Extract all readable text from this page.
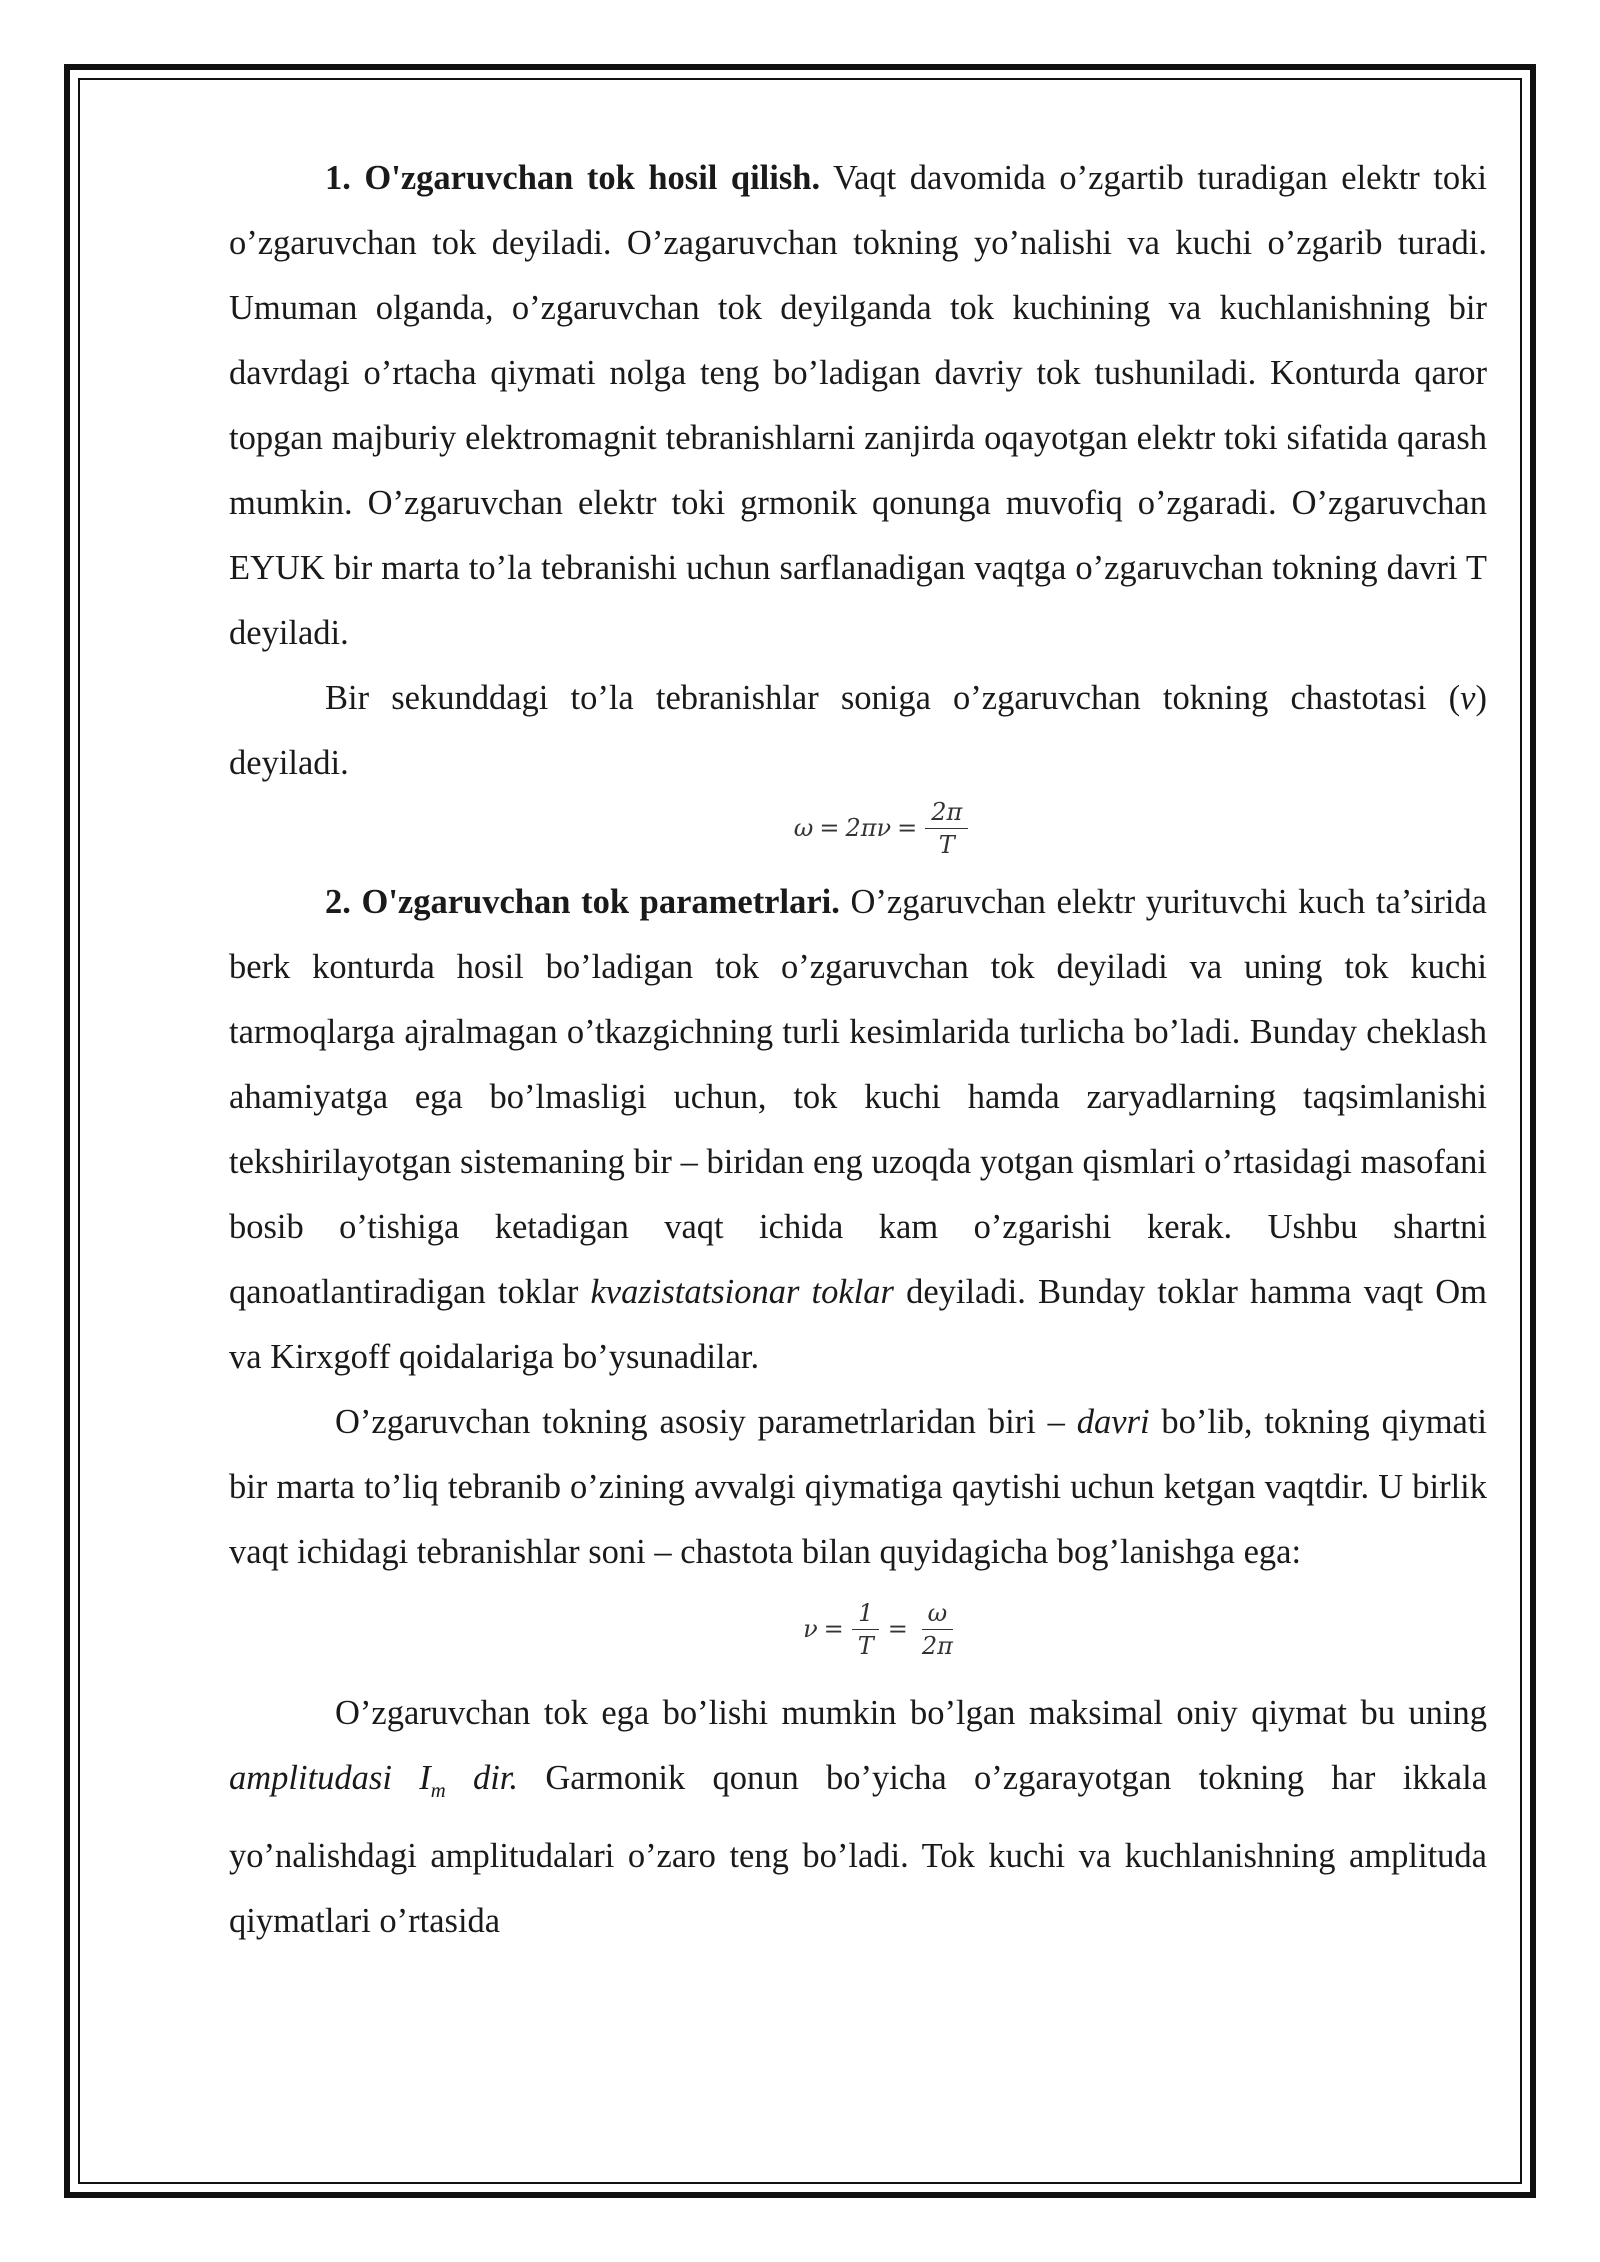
1. O'zgaruvchan tok hosil qilish. Vaqt davomida o’zgartib turadigan elektr toki o’zgaruvchan tok deyiladi. O’zagaruvchan tokning yo’nalishi va kuchi o’zgarib turadi. Umuman olganda, o’zgaruvchan tok deyilganda tok kuchining va kuchlanishning bir davrdagi o’rtacha qiymati nolga teng bo’ladigan davriy tok tushuniladi. Konturda qaror topgan majburiy elektromagnit tebranishlarni zanjirda oqayotgan elektr toki sifatida qarash mumkin. O’zgaruvchan elektr toki grmonik qonunga muvofiq o’zgaradi. O’zgaruvchan EYUK bir marta to’la tebranishi uchun sarflanadigan vaqtga o’zgaruvchan tokning davri T deyiladi.

Bir sekunddagi to’la tebranishlar soniga o’zgaruvchan tokning chastotasi (ν) deyiladi.

$\omega = 2\pi\nu = \frac{2\pi}{T}$

2. O'zgaruvchan tok parametrlari. O’zgaruvchan elektr yurituvchi kuch ta’sirida berk konturda hosil bo’ladigan tok o’zgaruvchan tok deyiladi va uning tok kuchi tarmoqlarga ajralmagan o’tkazgichning turli kesimlarida turlicha bo’ladi. Bunday cheklash ahamiyatga ega bo’lmasligi uchun, tok kuchi hamda zaryadlarning taqsimlanishi tekshirilayotgan sistemaning bir – biridan eng uzoqda yotgan qismlari o’rtasidagi masofani bosib o’tishiga ketadigan vaqt ichida kam o’zgarishi kerak. Ushbu shartni qanoatlantiradigan toklar kvazistatsionar toklar deyiladi. Bunday toklar hamma vaqt Om va Kirxgoff qoidalariga bo’ysunadilar.

O’zgaruvchan tokning asosiy parametrlaridan biri – davri bo’lib, tokning qiymati bir marta to’liq tebranib o’zining avvalgi qiymatiga qaytishi uchun ketgan vaqtdir. U birlik vaqt ichidagi tebranishlar soni – chastota bilan quyidagicha bog’lanishga ega:

$\nu = \frac{1}{T} = \frac{\omega}{2\pi}$

O’zgaruvchan tok ega bo’lishi mumkin bo’lgan maksimal oniy qiymat bu uning amplitudasi $I_m$ dir. Garmonik qonun bo’yicha o’zgarayotgan tokning har ikkala yo’nalishdagi amplitudalari o’zaro teng bo’ladi. Tok kuchi va kuchlanishning amplituda qiymatlari o’rtasida
